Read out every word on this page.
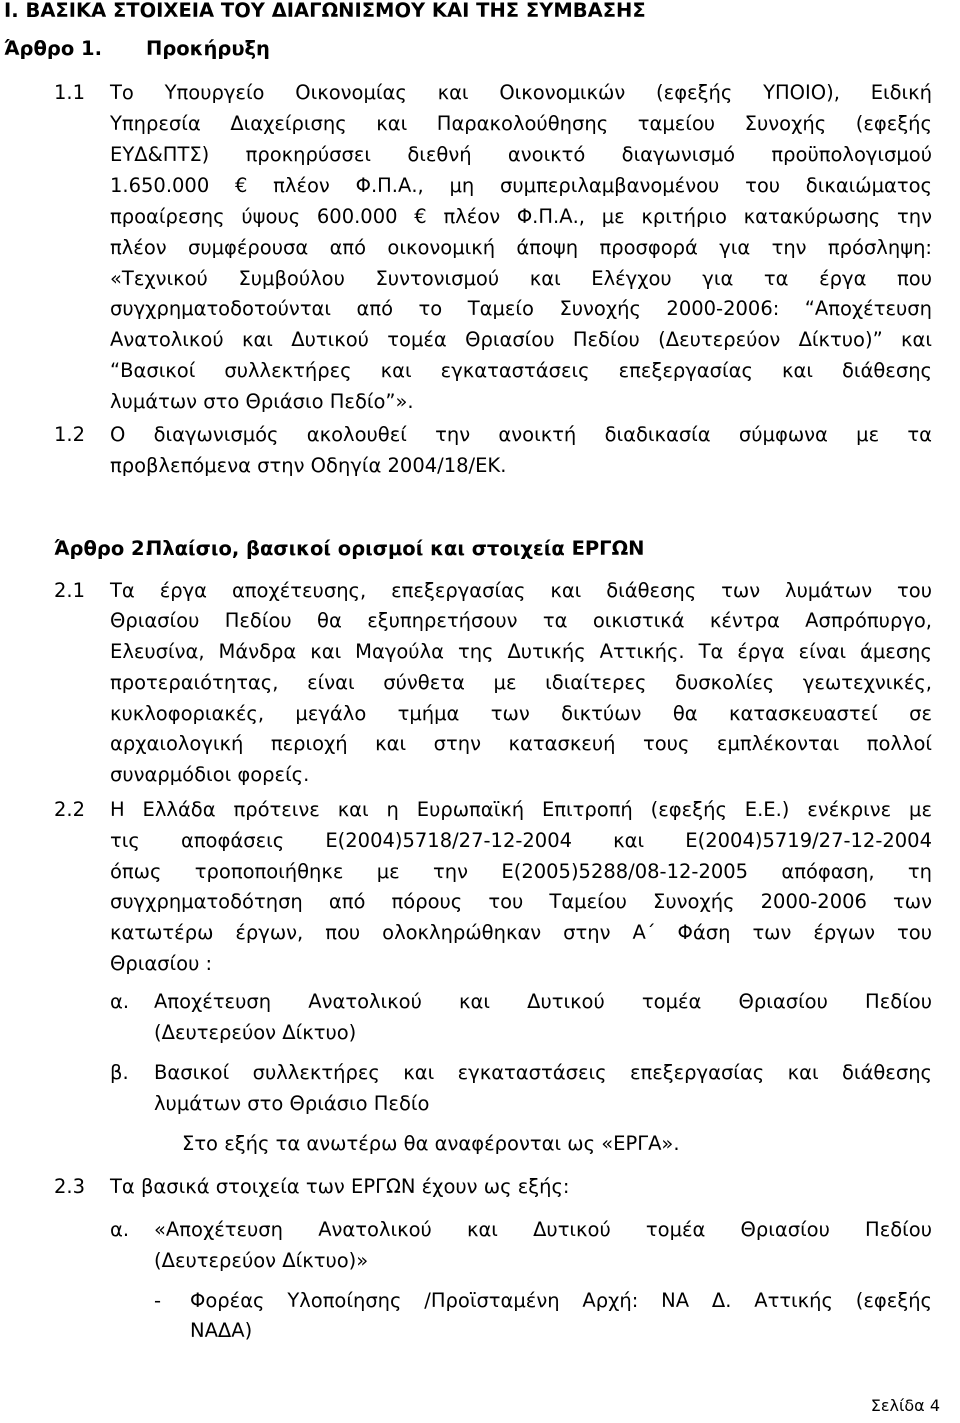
Ι. ΒΑΣΙΚΑ ΣΤΟΙΧΕΙΑ ΤΟΥ ΔΙΑΓΩΝΙΣΜΟΥ ΚΑΙ ΤΗΣ ΣΥΜΒΑΣΗΣ
Άρθρο 1. Προκήρυξη
1.1 Το Υπουργείο Οικονομίας και Οικονομικών (εφεξής ΥΠΟΙΟ), Ειδική
Υπηρεσία Διαχείρισης και Παρακολούθησης ταμείου Συνοχής (εφεξής
ΕΥΔ&ΠΤΣ) προκηρύσσει διεθνή ανοικτό διαγωνισμό προϋπολογισμού
1.650.000 € πλέον Φ.Π.Α., μη συμπεριλαμβανομένου του δικαιώματος
προαίρεσης ύψους 600.000 € πλέον Φ.Π.Α., με κριτήριο κατακύρωσης την
πλέον συμφέρουσα από οικονομική άποψη προσφορά για την πρόσληψη:
«Τεχνικού Συμβούλου Συντονισμού και Ελέγχου για τα έργα που
συγχρηματοδοτούνται από το Ταμείο Συνοχής 2000-2006: “Αποχέτευση
Ανατολικού και Δυτικού τομέα Θριασίου Πεδίου (Δευτερεύον Δίκτυο)” και
“Βασικοί συλλεκτήρες και εγκαταστάσεις επεξεργασίας και διάθεσης
λυμάτων στο Θριάσιο Πεδίο”».
1.2 Ο διαγωνισμός ακολουθεί την ανοικτή διαδικασία σύμφωνα με τα
προβλεπόμενα στην Οδηγία 2004/18/ΕΚ.
Άρθρο 2.
Πλαίσιο, βασικοί ορισμοί και στοιχεία ΕΡΓΩΝ
2.1 Τα έργα αποχέτευσης, επεξεργασίας και διάθεσης των λυμάτων του
Θριασίου Πεδίου θα εξυπηρετήσουν τα οικιστικά κέντρα Ασπρόπυργο,
Ελευσίνα, Μάνδρα και Μαγούλα της Δυτικής Αττικής. Τα έργα είναι άμεσης
προτεραιότητας, είναι σύνθετα με ιδιαίτερες δυσκολίες γεωτεχνικές,
κυκλοφοριακές, μεγάλο τμήμα των δικτύων θα κατασκευαστεί σε
αρχαιολογική περιοχή και στην κατασκευή τους εμπλέκονται πολλοί
συναρμόδιοι φορείς.
2.2 Η Ελλάδα πρότεινε και η Ευρωπαϊκή Επιτροπή (εφεξής Ε.Ε.) ενέκρινε με
τις αποφάσεις Ε(2004)5718/27-12-2004 και Ε(2004)5719/27-12-2004
όπως τροποποιήθηκε με την Ε(2005)5288/08-12-2005 απόφαση, τη
συγχρηματοδότηση από πόρους του Ταμείου Συνοχής 2000-2006 των
κατωτέρω έργων, που ολοκληρώθηκαν στην Α΄ Φάση των έργων του
Θριασίου :
α. Αποχέτευση Ανατολικού και Δυτικού τομέα Θριασίου Πεδίου
(Δευτερεύον Δίκτυο)
β. Βασικοί συλλεκτήρες και εγκαταστάσεις επεξεργασίας και διάθεσης
λυμάτων στο Θριάσιο Πεδίο
Στο εξής τα ανωτέρω θα αναφέρονται ως «ΕΡΓΑ».
2.3 Τα βασικά στοιχεία των ΕΡΓΩΝ έχουν ως εξής:
α. «Αποχέτευση Ανατολικού και Δυτικού τομέα Θριασίου Πεδίου
(Δευτερεύον Δίκτυο)»
- Φορέας Υλοποίησης /Προϊσταμένη Αρχή: ΝΑ Δ. Αττικής (εφεξής
ΝΑΔΑ)
Σελίδα 4
